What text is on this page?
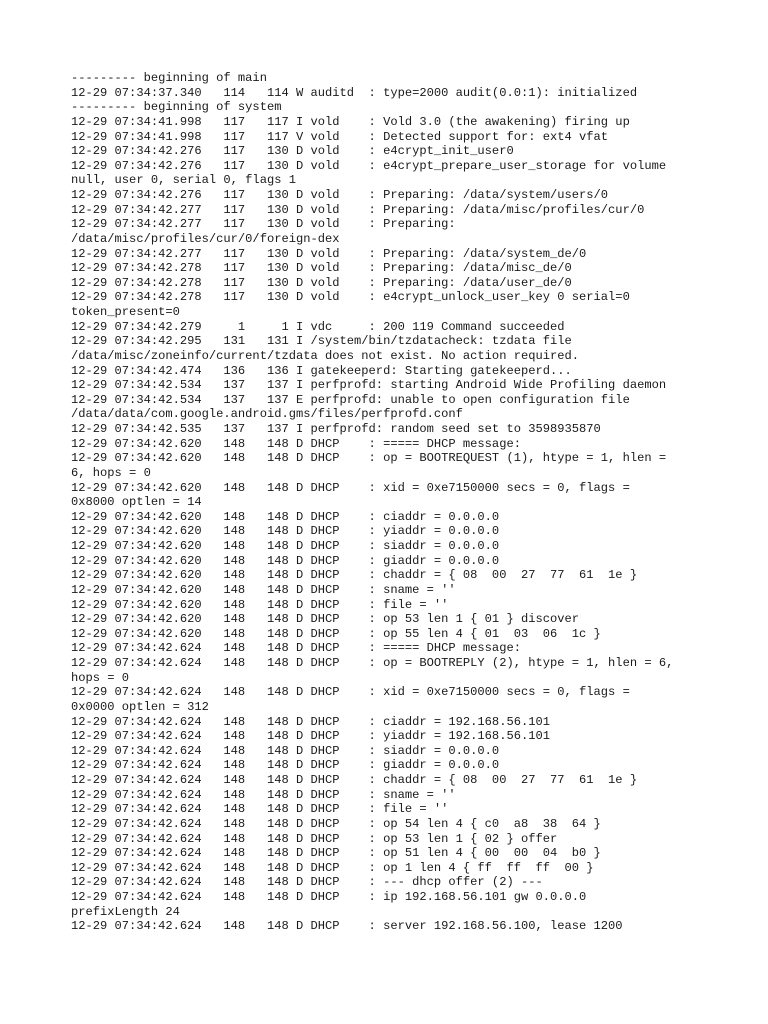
--------- beginning of main
12-29 07:34:37.340   114   114 W auditd  : type=2000 audit(0.0:1): initialized
--------- beginning of system
12-29 07:34:41.998   117   117 I vold    : Vold 3.0 (the awakening) firing up
12-29 07:34:41.998   117   117 V vold    : Detected support for: ext4 vfat
12-29 07:34:42.276   117   130 D vold    : e4crypt_init_user0
12-29 07:34:42.276   117   130 D vold    : e4crypt_prepare_user_storage for volume
null, user 0, serial 0, flags 1
12-29 07:34:42.276   117   130 D vold    : Preparing: /data/system/users/0
12-29 07:34:42.277   117   130 D vold    : Preparing: /data/misc/profiles/cur/0
12-29 07:34:42.277   117   130 D vold    : Preparing:
/data/misc/profiles/cur/0/foreign-dex
12-29 07:34:42.277   117   130 D vold    : Preparing: /data/system_de/0
12-29 07:34:42.278   117   130 D vold    : Preparing: /data/misc_de/0
12-29 07:34:42.278   117   130 D vold    : Preparing: /data/user_de/0
12-29 07:34:42.278   117   130 D vold    : e4crypt_unlock_user_key 0 serial=0
token_present=0
12-29 07:34:42.279     1     1 I vdc     : 200 119 Command succeeded
12-29 07:34:42.295   131   131 I /system/bin/tzdatacheck: tzdata file
/data/misc/zoneinfo/current/tzdata does not exist. No action required.
12-29 07:34:42.474   136   136 I gatekeeperd: Starting gatekeeperd...
12-29 07:34:42.534   137   137 I perfprofd: starting Android Wide Profiling daemon
12-29 07:34:42.534   137   137 E perfprofd: unable to open configuration file
/data/data/com.google.android.gms/files/perfprofd.conf
12-29 07:34:42.535   137   137 I perfprofd: random seed set to 3598935870
12-29 07:34:42.620   148   148 D DHCP    : ===== DHCP message:
12-29 07:34:42.620   148   148 D DHCP    : op = BOOTREQUEST (1), htype = 1, hlen =
6, hops = 0
12-29 07:34:42.620   148   148 D DHCP    : xid = 0xe7150000 secs = 0, flags =
0x8000 optlen = 14
12-29 07:34:42.620   148   148 D DHCP    : ciaddr = 0.0.0.0
12-29 07:34:42.620   148   148 D DHCP    : yiaddr = 0.0.0.0
12-29 07:34:42.620   148   148 D DHCP    : siaddr = 0.0.0.0
12-29 07:34:42.620   148   148 D DHCP    : giaddr = 0.0.0.0
12-29 07:34:42.620   148   148 D DHCP    : chaddr = { 08  00  27  77  61  1e }
12-29 07:34:42.620   148   148 D DHCP    : sname = ''
12-29 07:34:42.620   148   148 D DHCP    : file = ''
12-29 07:34:42.620   148   148 D DHCP    : op 53 len 1 { 01 } discover
12-29 07:34:42.620   148   148 D DHCP    : op 55 len 4 { 01  03  06  1c }
12-29 07:34:42.624   148   148 D DHCP    : ===== DHCP message:
12-29 07:34:42.624   148   148 D DHCP    : op = BOOTREPLY (2), htype = 1, hlen = 6,
hops = 0
12-29 07:34:42.624   148   148 D DHCP    : xid = 0xe7150000 secs = 0, flags =
0x0000 optlen = 312
12-29 07:34:42.624   148   148 D DHCP    : ciaddr = 192.168.56.101
12-29 07:34:42.624   148   148 D DHCP    : yiaddr = 192.168.56.101
12-29 07:34:42.624   148   148 D DHCP    : siaddr = 0.0.0.0
12-29 07:34:42.624   148   148 D DHCP    : giaddr = 0.0.0.0
12-29 07:34:42.624   148   148 D DHCP    : chaddr = { 08  00  27  77  61  1e }
12-29 07:34:42.624   148   148 D DHCP    : sname = ''
12-29 07:34:42.624   148   148 D DHCP    : file = ''
12-29 07:34:42.624   148   148 D DHCP    : op 54 len 4 { c0  a8  38  64 }
12-29 07:34:42.624   148   148 D DHCP    : op 53 len 1 { 02 } offer
12-29 07:34:42.624   148   148 D DHCP    : op 51 len 4 { 00  00  04  b0 }
12-29 07:34:42.624   148   148 D DHCP    : op 1 len 4 { ff  ff  ff  00 }
12-29 07:34:42.624   148   148 D DHCP    : --- dhcp offer (2) ---
12-29 07:34:42.624   148   148 D DHCP    : ip 192.168.56.101 gw 0.0.0.0
prefixLength 24
12-29 07:34:42.624   148   148 D DHCP    : server 192.168.56.100, lease 1200
